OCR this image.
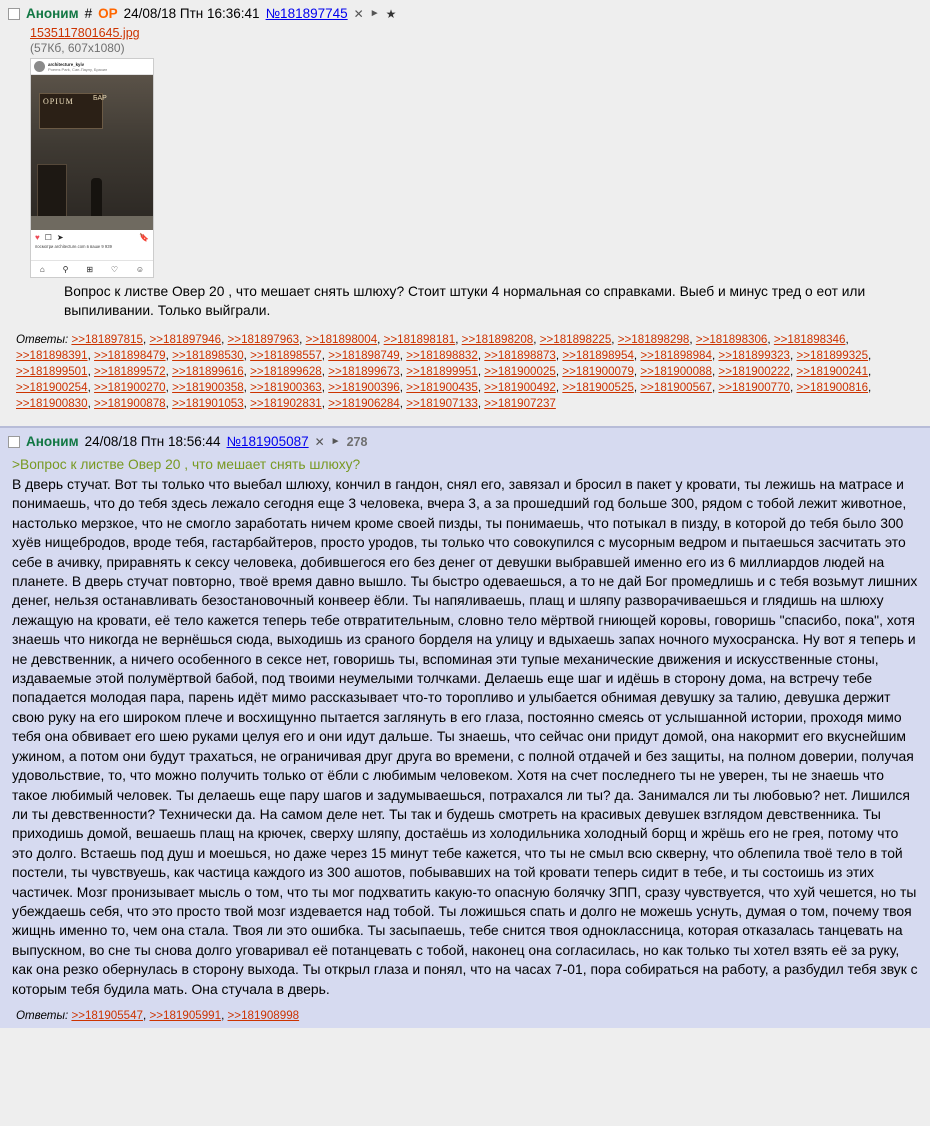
Аноним # OP 24/08/18 Птн 16:36:41 №181897745 ✕ ► ★
1535117801645.jpg
(57Кб, 607x1080)
architecture_kyiv
Poems Park, Сан-Паулу, Бразил
OPIUM	БАР
♥ ☐ ➤	🔖
посмотри architecture.com в ваше 9 939
⌂ ⚲ ⊞ ♡ ☺
Вопрос к листве Овер 20 , что мешает снять шлюху? Стоит штуки 4 нормальная со справками. Выеб и минус тред о еот или выпиливании. Только выйграли.
Ответы: >>181897815, >>181897946, >>181897963, >>181898004, >>181898181, >>181898208, >>181898225, >>181898298, >>181898306, >>181898346, >>181898391, >>181898479, >>181898530, >>181898557, >>181898749, >>181898832, >>181898873, >>181898954, >>181898984, >>181899323, >>181899325, >>181899501, >>181899572, >>181899616, >>181899628, >>181899673, >>181899951, >>181900025, >>181900079, >>181900088, >>181900222, >>181900241, >>181900254, >>181900270, >>181900358, >>181900363, >>181900396, >>181900435, >>181900492, >>181900525, >>181900567, >>181900770, >>181900816, >>181900830, >>181900878, >>181901053, >>181902831, >>181906284, >>181907133, >>181907237
Аноним 24/08/18 Птн 18:56:44 №181905087 ✕ ► 278
>Вопрос к листве Овер 20 , что мешает снять шлюху?
В дверь стучат. Вот ты только что выебал шлюху, кончил в гандон, снял его, завязал и бросил в пакет у кровати, ты лежишь на матрасе и понимаешь, что до тебя здесь лежало сегодня еще 3 человека, вчера 3, а за прошедший год больше 300, рядом с тобой лежит животное, настолько мерзкое, что не смогло заработать ничем кроме своей пизды, ты понимаешь, что потыкал в пизду, в которой до тебя было 300 хуёв нищебродов, вроде тебя, гастарбайтеров, просто уродов, ты только что совокупился с мусорным ведром и пытаешься засчитать это себе в ачивку, приравнять к сексу человека, добившегося его без денег от девушки выбравшей именно его из 6 миллиардов людей на планете. В дверь стучат повторно, твоё время давно вышло. Ты быстро одеваешься, а то не дай Бог промедлишь и с тебя возьмут лишних денег, нельзя останавливать безостановочный конвеер ёбли. Ты напяливаешь, плащ и шляпу разворачиваешься и глядишь на шлюху лежащую на кровати, её тело кажется теперь тебе отвратительным, словно тело мёртвой гниющей коровы, говоришь "спасибо, пока", хотя знаешь что никогда не вернёшься сюда, выходишь из сраного борделя на улицу и вдыхаешь запах ночного мухосранска. Ну вот я теперь и не девственник, а ничего особенного в сексе нет, говоришь ты, вспоминая эти тупые механические движения и искусственные стоны, издаваемые этой полумёртвой бабой, под твоими неумелыми толчками. Делаешь еще шаг и идёшь в сторону дома, на встречу тебе попадается молодая пара, парень идёт мимо рассказывает что-то торопливо и улыбается обнимая девушку за талию, девушка держит свою руку на его широком плече и восхищунно пытается заглянуть в его глаза, постоянно смеясь от услышанной истории, проходя мимо тебя она обвивает его шею руками целуя его и они идут дальше. Ты знаешь, что сейчас они придут домой, она накормит его вкуснейшим ужином, а потом они будут трахаться, не ограничивая друг друга во времени, с полной отдачей и без защиты, на полном доверии, получая удовольствие, то, что можно получить только от ёбли с любимым человеком. Хотя на счет последнего ты не уверен, ты не знаешь что такое любимый человек. Ты делаешь еще пару шагов и задумываешься, потрахался ли ты? да. Занимался ли ты любовью? нет. Лишился ли ты девственности? Технически да. На самом деле нет. Ты так и будешь смотреть на красивых девушек взглядом девственника. Ты приходишь домой, вешаешь плащ на крючек, сверху шляпу, достаёшь из холодильника холодный борщ и жрёшь его не грея, потому что это долго. Встаешь под душ и моешься, но даже через 15 минут тебе кажется, что ты не смыл всю скверну, что облепила твоё тело в той постели, ты чувствуешь, как частица каждого из 300 ашотов, побывавших на той кровати теперь сидит в тебе, и ты состоишь из этих частичек. Мозг пронизывает мысль о том, что ты мог подхватить какую-то опасную болячку ЗПП, сразу чувствуется, что хуй чешется, но ты убеждаешь себя, что это просто твой мозг издевается над тобой. Ты ложишься спать и долго не можешь уснуть, думая о том, почему твоя жищнь именно то, чем она стала. Твоя ли это ошибка. Ты засыпаешь, тебе снится твоя одноклассница, которая отказалась танцевать на выпускном, во сне ты снова долго уговаривал её потанцевать с тобой, наконец она согласилась, но как только ты хотел взять её за руку, как она резко обернулась в сторону выхода. Ты открыл глаза и понял, что на часах 7-01, пора собираться на работу, а разбудил тебя звук с которым тебя будила мать. Она стучала в дверь.
Ответы: >>181905547, >>181905991, >>181908998
